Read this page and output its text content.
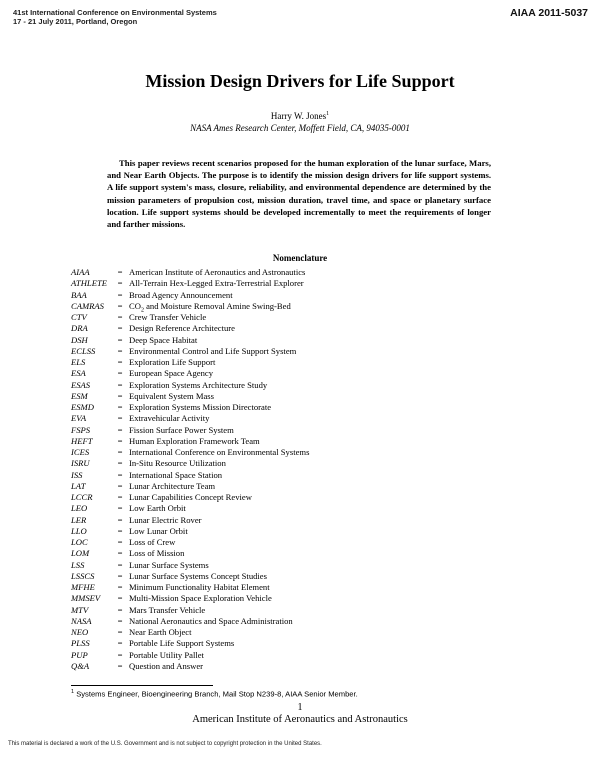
41st International Conference on Environmental Systems
17 - 21 July 2011, Portland, Oregon
AIAA 2011-5037
Mission Design Drivers for Life Support
Harry W. Jones$^1$
NASA Ames Research Center, Moffett Field, CA, 94035-0001

This paper reviews recent scenarios proposed for the human exploration of the lunar surface, Mars, and Near Earth Objects. The purpose is to identify the mission design drivers for life support systems. A life support system's mass, closure, reliability, and environmental dependence are determined by the mission parameters of propulsion cost, mission duration, travel time, and space or planetary surface location. Life support systems should be developed incrementally to meet the requirements of longer and farther missions.

Nomenclature
AIAA	= American Institute of Aeronautics and Astronautics
ATHLETE	= All-Terrain Hex-Legged Extra-Terrestrial Explorer
BAA	= Broad Agency Announcement
CAMRAS	= $CO_2$ and Moisture Removal Amine Swing-Bed
CTV	= Crew Transfer Vehicle
DRA	= Design Reference Architecture
DSH	= Deep Space Habitat
ECLSS	= Environmental Control and Life Support System
ELS	= Exploration Life Support
ESA	= European Space Agency
ESAS	= Exploration Systems Architecture Study
ESM	= Equivalent System Mass
ESMD	= Exploration Systems Mission Directorate
EVA	= Extravehicular Activity
FSPS	= Fission Surface Power System
HEFT	= Human Exploration Framework Team
ICES	= International Conference on Environmental Systems
ISRU	= In-Situ Resource Utilization
ISS	= International Space Station
LAT	= Lunar Architecture Team
LCCR	= Lunar Capabilities Concept Review
LEO	= Low Earth Orbit
LER	= Lunar Electric Rover
LLO	= Low Lunar Orbit
LOC	= Loss of Crew
LOM	= Loss of Mission
LSS	= Lunar Surface Systems
LSSCS	= Lunar Surface Systems Concept Studies
MFHE	= Minimum Functionality Habitat Element
MMSEV	= Multi-Mission Space Exploration Vehicle
MTV	= Mars Transfer Vehicle
NASA	= National Aeronautics and Space Administration
NEO	= Near Earth Object
PLSS	= Portable Life Support Systems
PUP	= Portable Utility Pallet
Q&A	= Question and Answer
$^1$ Systems Engineer, Bioengineering Branch, Mail Stop N239-8, AIAA Senior Member.
1
American Institute of Aeronautics and Astronautics
This material is declared a work of the U.S. Government and is not subject to copyright protection in the United States.
